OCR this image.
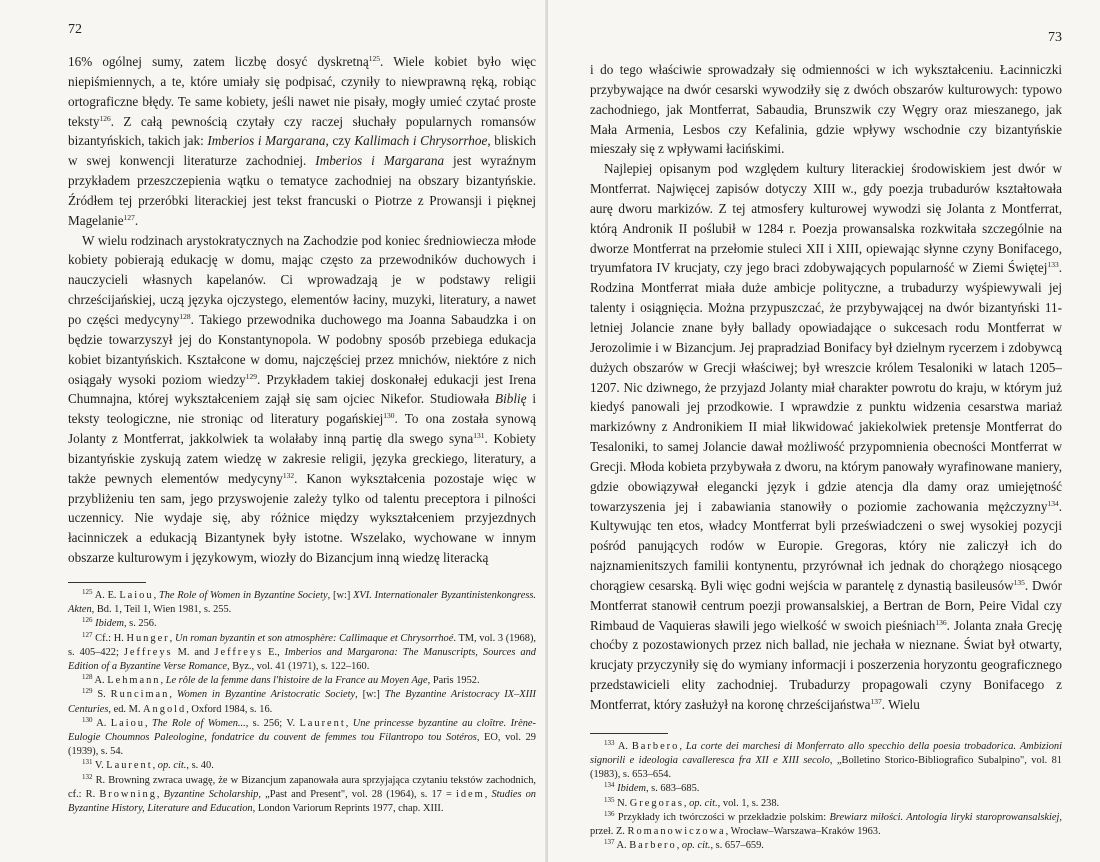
72

16% ogólnej sumy, zatem liczbę dosyć dyskretną$^{125}$. Wiele kobiet było więc niepiśmiennych, a te, które umiały się podpisać, czyniły to niewprawną ręką, robiąc ortograficzne błędy. Te same kobiety, jeśli nawet nie pisały, mogły umieć czytać proste teksty$^{126}$. Z całą pewnością czytały czy raczej słuchały popularnych romansów bizantyńskich, takich jak: Imberios i Margarana, czy Kallimach i Chrysorrhoe, bliskich w swej konwencji literaturze zachodniej. Imberios i Margarana jest wyraźnym przykładem przeszczepienia wątku o tematyce zachodniej na obszary bizantyńskie. Źródłem tej przeróbki literackiej jest tekst francuski o Piotrze z Prowansji i pięknej Magelanie$^{127}$.

W wielu rodzinach arystokratycznych na Zachodzie pod koniec średniowiecza młode kobiety pobierają edukację w domu, mając często za przewodników duchowych i nauczycieli własnych kapelanów. Ci wprowadzają je w podstawy religii chrześcijańskiej, uczą języka ojczystego, elementów łaciny, muzyki, literatury, a nawet po części medycyny$^{128}$. Takiego przewodnika duchowego ma Joanna Sabaudzka i on będzie towarzyszył jej do Konstantynopola. W podobny sposób przebiega edukacja kobiet bizantyńskich. Kształcone w domu, najczęściej przez mnichów, niektóre z nich osiągały wysoki poziom wiedzy$^{129}$. Przykładem takiej doskonałej edukacji jest Irena Chumnajna, której wykształceniem zajął się sam ojciec Nikefor. Studiowała Biblię i teksty teologiczne, nie stroniąc od literatury pogańskiej$^{130}$. To ona została synową Jolanty z Montferrat, jakkolwiek ta wolałaby inną partię dla swego syna$^{131}$. Kobiety bizantyńskie zyskują zatem wiedzę w zakresie religii, języka greckiego, literatury, a także pewnych elementów medycyny$^{132}$. Kanon wykształcenia pozostaje więc w przybliżeniu ten sam, jego przyswojenie zależy tylko od talentu preceptora i pilności uczennicy. Nie wydaje się, aby różnice między wykształceniem przyjezdnych łacinniczek a edukacją Bizantynek były istotne. Wszelako, wychowane w innym obszarze kulturowym i językowym, wiozły do Bizancjum inną wiedzę literacką

$^{125}$ A. E. Laiou, The Role of Women in Byzantine Society, [w:] XVI. Internationaler Byzantinistenkongress. Akten, Bd. 1, Teil 1, Wien 1981, s. 255.

$^{126}$ Ibidem, s. 256.

$^{127}$ Cf.: H. Hunger, Un roman byzantin et son atmosphère: Callimaque et Chrysorrhoé. TM, vol. 3 (1968), s. 405–422; Jeffreys M. and Jeffreys E., Imberios and Margarona: The Manuscripts, Sources and Edition of a Byzantine Verse Romance, Byz., vol. 41 (1971), s. 122–160.

$^{128}$ A. Lehmann, Le rôle de la femme dans l'histoire de la France au Moyen Age, Paris 1952.

$^{129}$ S. Runciman, Women in Byzantine Aristocratic Society, [w:] The Byzantine Aristocracy IX–XIII Centuries, ed. M. Angold, Oxford 1984, s. 16.

$^{130}$ A. Laiou, The Role of Women..., s. 256; V. Laurent, Une princesse byzantine au cloître. Irène-Eulogie Choumnos Paleologine, fondatrice du couvent de femmes tou Filantropo tou Sotéros, EO, vol. 29 (1939), s. 54.

$^{131}$ V. Laurent, op. cit., s. 40.

$^{132}$ R. Browning zwraca uwagę, że w Bizancjum zapanowała aura sprzyjająca czytaniu tekstów zachodnich, cf.: R. Browning, Byzantine Scholarship, „Past and Present", vol. 28 (1964), s. 17 = idem, Studies on Byzantine History, Literature and Education, London Variorum Reprints 1977, chap. XIII.

73

i do tego właściwie sprowadzały się odmienności w ich wykształceniu. Łacinniczki przybywające na dwór cesarski wywodziły się z dwóch obszarów kulturowych: typowo zachodniego, jak Montferrat, Sabaudia, Brunszwik czy Węgry oraz mieszanego, jak Mała Armenia, Lesbos czy Kefalinia, gdzie wpływy wschodnie czy bizantyńskie mieszały się z wpływami łacińskimi.

Najlepiej opisanym pod względem kultury literackiej środowiskiem jest dwór w Montferrat. Najwięcej zapisów dotyczy XIII w., gdy poezja trubadurów kształtowała aurę dworu markizów. Z tej atmosfery kulturowej wywodzi się Jolanta z Montferrat, którą Andronik II poślubił w 1284 r. Poezja prowansalska rozkwitała szczególnie na dworze Montferrat na przełomie stuleci XII i XIII, opiewając słynne czyny Bonifacego, tryumfatora IV krucjaty, czy jego braci zdobywających popularność w Ziemi Świętej$^{133}$. Rodzina Montferrat miała duże ambicje polityczne, a trubadurzy wyśpiewywali jej talenty i osiągnięcia. Można przypuszczać, że przybywającej na dwór bizantyński 11-letniej Jolancie znane były ballady opowiadające o sukcesach rodu Montferrat w Jerozolimie i w Bizancjum. Jej prapradziad Bonifacy był dzielnym rycerzem i zdobywcą dużych obszarów w Grecji właściwej; był wreszcie królem Tesaloniki w latach 1205–1207. Nic dziwnego, że przyjazd Jolanty miał charakter powrotu do kraju, w którym już kiedyś panowali jej przodkowie. I wprawdzie z punktu widzenia cesarstwa mariaż markizówny z Andronikiem II miał likwidować jakiekolwiek pretensje Montferrat do Tesaloniki, to samej Jolancie dawał możliwość przypomnienia obecności Montferrat w Grecji. Młoda kobieta przybywała z dworu, na którym panowały wyrafinowane maniery, gdzie obowiązywał elegancki język i gdzie atencja dla damy oraz umiejętność towarzyszenia jej i zabawiania stanowiły o poziomie zachowania mężczyzny$^{134}$. Kultywując ten etos, władcy Montferrat byli przeświadczeni o swej wysokiej pozycji pośród panujących rodów w Europie. Gregoras, który nie zaliczył ich do najznamienitszych familii kontynentu, przyrównał ich jednak do chorążego niosącego chorągiew cesarską. Byli więc godni wejścia w parantelę z dynastią basileusów$^{135}$. Dwór Montferrat stanowił centrum poezji prowansalskiej, a Bertran de Born, Peire Vidal czy Rimbaud de Vaquieras sławili jego wielkość w swoich pieśniach$^{136}$. Jolanta znała Grecję choćby z pozostawionych przez nich ballad, nie jechała w nieznane. Świat był otwarty, krucjaty przyczyniły się do wymiany informacji i poszerzenia horyzontu geograficznego przedstawicieli elity zachodniej. Trubadurzy propagowali czyny Bonifacego z Montferrat, który zasłużył na koronę chrześcijaństwa$^{137}$. Wielu

$^{133}$ A. Barbero, La corte dei marchesi di Monferrato allo specchio della poesia trobadorica. Ambizioni signorili e ideologia cavalleresca fra XII e XIII secolo, „Bolletino Storico-Bibliografico Subalpino", vol. 81 (1983), s. 653–654.

$^{134}$ Ibidem, s. 683–685.

$^{135}$ N. Gregoras, op. cit., vol. 1, s. 238.

$^{136}$ Przykłady ich twórczości w przekładzie polskim: Brewiarz miłości. Antologia liryki staroprowansalskiej, przeł. Z. Romanowiczowa, Wrocław–Warszawa–Kraków 1963.

$^{137}$ A. Barbero, op. cit., s. 657–659.
